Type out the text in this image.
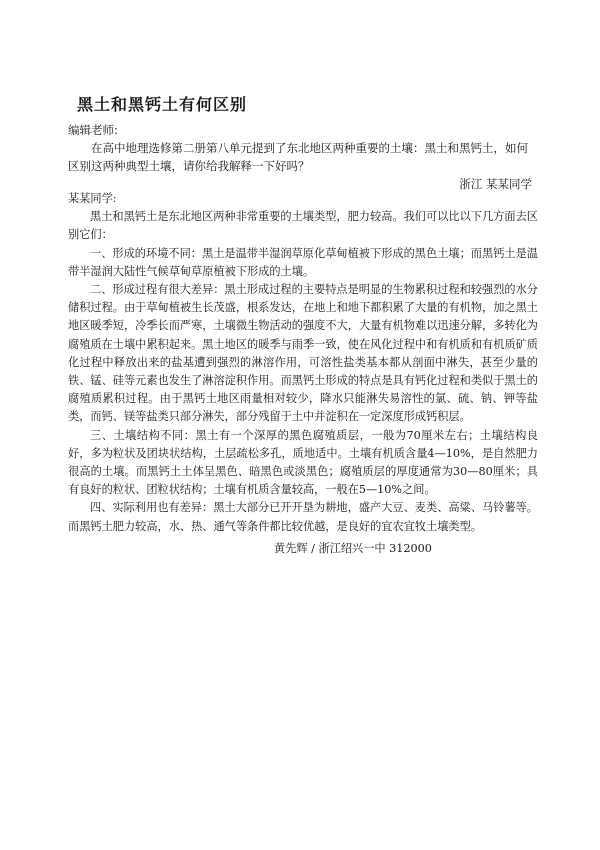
黑土和黑钙土有何区别
编辑老师:
在高中地理选修第二册第八单元提到了东北地区两种重要的土壤：黑土和黑钙土，如何区别这两种典型土壤，请你给我解释一下好吗？
浙江 某某同学
某某同学:

黑土和黑钙土是东北地区两种非常重要的土壤类型，肥力较高。我们可以比以下几方面去区别它们：

一、形成的环境不同：黑土是温带半湿润草原化草甸植被下形成的黑色土壤；而黑钙土是温带半湿润大陆性气候草甸草原植被下形成的土壤。

二、形成过程有很大差异：黑土形成过程的主要特点是明显的生物累积过程和较强烈的水分储积过程。由于草甸植被生长茂盛，根系发达，在地上和地下都积累了大量的有机物，加之黑土地区暖季短，冷季长而严寒，土壤微生物活动的强度不大，大量有机物难以迅速分解，多转化为腐殖质在土壤中累积起来。黑土地区的暖季与雨季一致，使在风化过程中和有机质和有机质矿质化过程中释放出来的盐基遭到强烈的淋溶作用，可溶性盐类基本都从剖面中淋失，甚至少量的铁、锰、硅等元素也发生了淋溶淀积作用。而黑钙土形成的特点是具有钙化过程和类似于黑土的腐殖质累积过程。由于黑钙土地区雨量相对较少，降水只能淋失易溶性的氯、硫、钠、钾等盐类，而钙、镁等盐类只部分淋失，部分残留于土中并淀积在一定深度形成钙积层。

三、土壤结构不同：黑土有一个深厚的黑色腐殖质层，一般为70厘米左右；土壤结构良好，多为粒状及团块状结构，土层疏松多孔，质地适中。土壤有机质含量4—10%，是自然肥力很高的土壤。而黑钙土土体呈黑色、暗黑色或淡黑色；腐殖质层的厚度通常为30—80厘米；具有良好的粒状、团粒状结构；土壤有机质含量较高，一般在5—10%之间。

四、实际利用也有差异：黑土大部分已开开垦为耕地，盛产大豆、麦类、高粱、马铃薯等。而黑钙土肥力较高，水、热、通气等条件都比较优越，是良好的宜农宜牧土壤类型。

黄先辉 / 浙江绍兴一中 312000
